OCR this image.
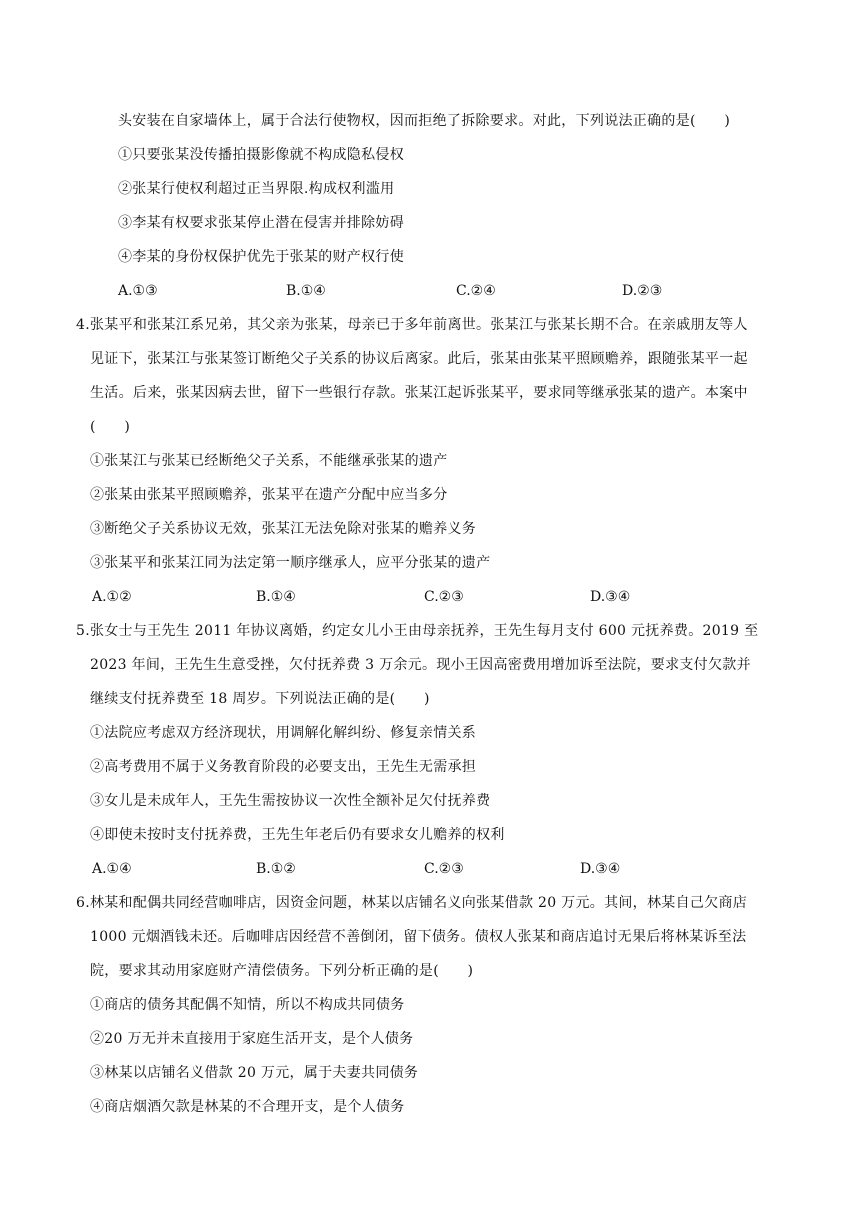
头安装在自家墙体上，属于合法行使物权，因而拒绝了拆除要求。对此，下列说法正确的是(　　)
①只要张某没传播拍摄影像就不构成隐私侵权
②张某行使权利超过正当界限.构成权利滥用
③李某有权要求张某停止潜在侵害并排除妨碍
④李某的身份权保护优先于张某的财产权行使
A.①③	B.①④	C.②④	D.②③
4.张某平和张某江系兄弟，其父亲为张某，母亲已于多年前离世。张某江与张某长期不合。在亲戚朋友等人
见证下，张某江与张某签订断绝父子关系的协议后离家。此后，张某由张某平照顾赡养，跟随张某平一起
生活。后来，张某因病去世，留下一些银行存款。张某江起诉张某平，要求同等继承张某的遗产。本案中
(　　)
①张某江与张某已经断绝父子关系，不能继承张某的遗产
②张某由张某平照顾赡养，张某平在遗产分配中应当多分
③断绝父子关系协议无效，张某江无法免除对张某的赡养义务
③张某平和张某江同为法定第一顺序继承人，应平分张某的遗产
A.①②	B.①④	C.②③	D.③④
5.张女士与王先生 2011 年协议离婚，约定女儿小王由母亲抚养，王先生每月支付 600 元抚养费。2019 至
2023 年间，王先生生意受挫，欠付抚养费 3 万余元。现小王因高密费用增加诉至法院，要求支付欠款并
继续支付抚养费至 18 周岁。下列说法正确的是(　　)
①法院应考虑双方经济现状，用调解化解纠纷、修复亲情关系
②高考费用不属于义务教育阶段的必要支出，王先生无需承担
③女儿是未成年人，王先生需按协议一次性全额补足欠付抚养费
④即使未按时支付抚养费，王先生年老后仍有要求女儿赡养的权利
A.①④	B.①②	C.②③	D.③④
6.林某和配偶共同经营咖啡店，因资金问题，林某以店铺名义向张某借款 20 万元。其间，林某自己欠商店
1000 元烟酒钱未还。后咖啡店因经营不善倒闭，留下债务。债权人张某和商店追讨无果后将林某诉至法
院，要求其动用家庭财产清偿债务。下列分析正确的是(　　)
①商店的债务其配偶不知情，所以不构成共同债务
②20 万无并未直接用于家庭生活开支，是个人债务
③林某以店铺名义借款 20 万元，属于夫妻共同债务
④商店烟酒欠款是林某的不合理开支，是个人债务
